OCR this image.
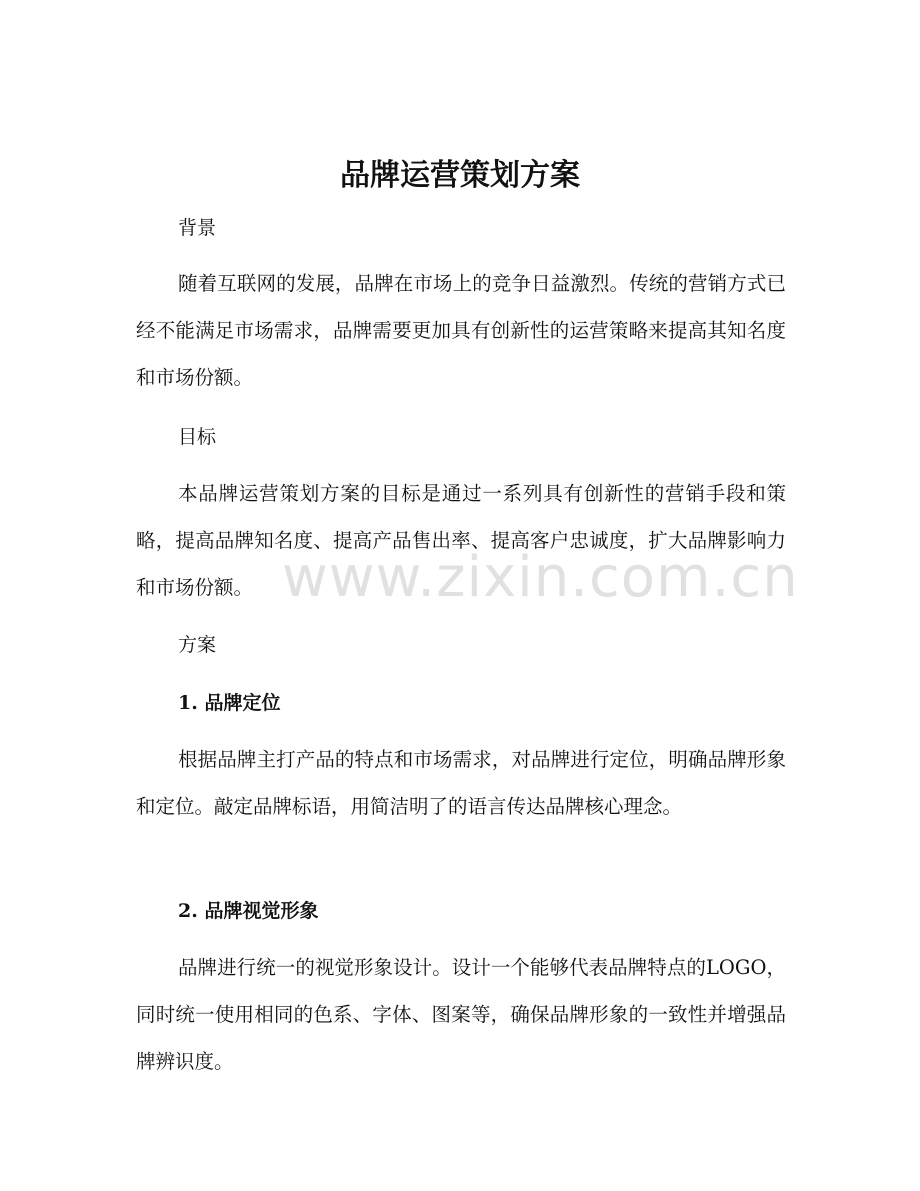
品牌运营策划方案
背景

随着互联网的发展，品牌在市场上的竞争日益激烈。传统的营销方式已经不能满足市场需求，品牌需要更加具有创新性的运营策略来提高其知名度和市场份额。

目标

本品牌运营策划方案的目标是通过一系列具有创新性的营销手段和策略，提高品牌知名度、提高产品售出率、提高客户忠诚度，扩大品牌影响力和市场份额。

方案
1. 品牌定位

根据品牌主打产品的特点和市场需求，对品牌进行定位，明确品牌形象和定位。敲定品牌标语，用简洁明了的语言传达品牌核心理念。

2. 品牌视觉形象

品牌进行统一的视觉形象设计。设计一个能够代表品牌特点的LOGO，同时统一使用相同的色系、字体、图案等，确保品牌形象的一致性并增强品牌辨识度。

www.zixin.com.cn
